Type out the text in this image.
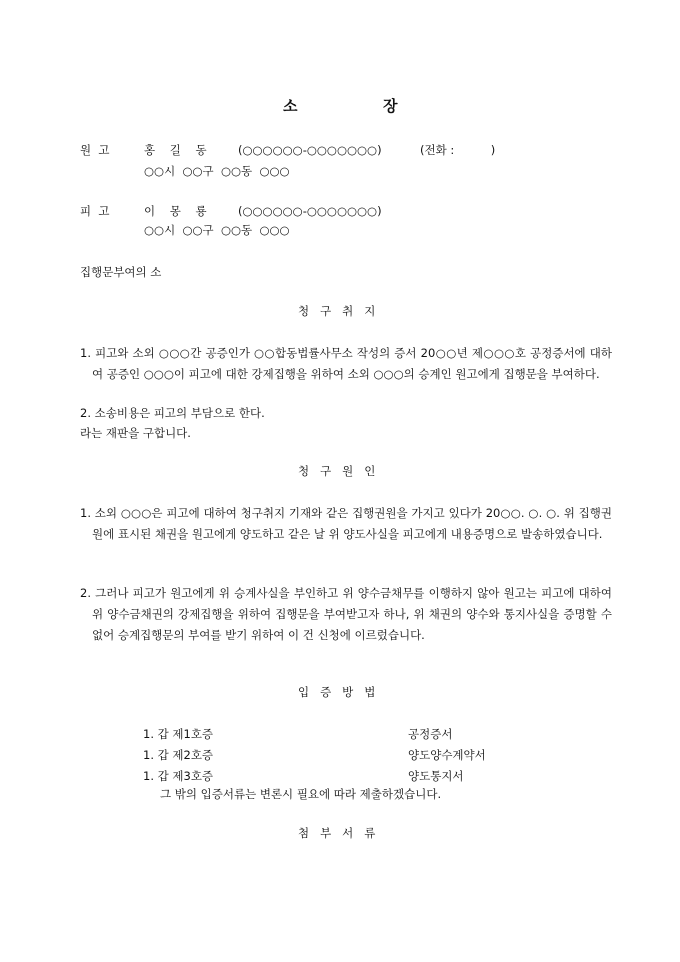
소	장
원  고	홍    길    동	(○○○○○○-○○○○○○○)	(전화 :          )
○○시  ○○구  ○○동  ○○○
피  고	이    몽    룡	(○○○○○○-○○○○○○○)
○○시  ○○구  ○○동  ○○○
집행문부여의 소
청   구   취   지
1. 피고와 소외 ○○○간 공증인가 ○○합동법률사무소 작성의 증서 20○○년 제○○○호 공정증서에 대하여 공증인 ○○○이 피고에 대한 강제집행을 위하여 소외 ○○○의 승계인 원고에게 집행문을 부여하다.
2. 소송비용은 피고의 부담으로 한다.
라는 재판을 구합니다.
청   구   원   인
1. 소외 ○○○은 피고에 대하여 청구취지 기재와 같은 집행권원을 가지고 있다가 20○○. ○. ○. 위 집행권원에 표시된 채권을 원고에게 양도하고 같은 날 위 양도사실을 피고에게 내용증명으로 발송하였습니다.
2. 그러나 피고가 원고에게 위 승계사실을 부인하고 위 양수금채무를 이행하지 않아 원고는 피고에 대하여 위 양수금채권의 강제집행을 위하여 집행문을 부여받고자 하나, 위 채권의 양수와 통지사실을 증명할 수 없어 승계집행문의 부여를 받기 위하여 이 건 신청에 이르렀습니다.
입   증   방   법
1. 갑 제1호증	공정증서
1. 갑 제2호증	양도양수계약서
1. 갑 제3호증	양도통지서
그 밖의 입증서류는 변론시 필요에 따라 제출하겠습니다.
첨   부   서   류
